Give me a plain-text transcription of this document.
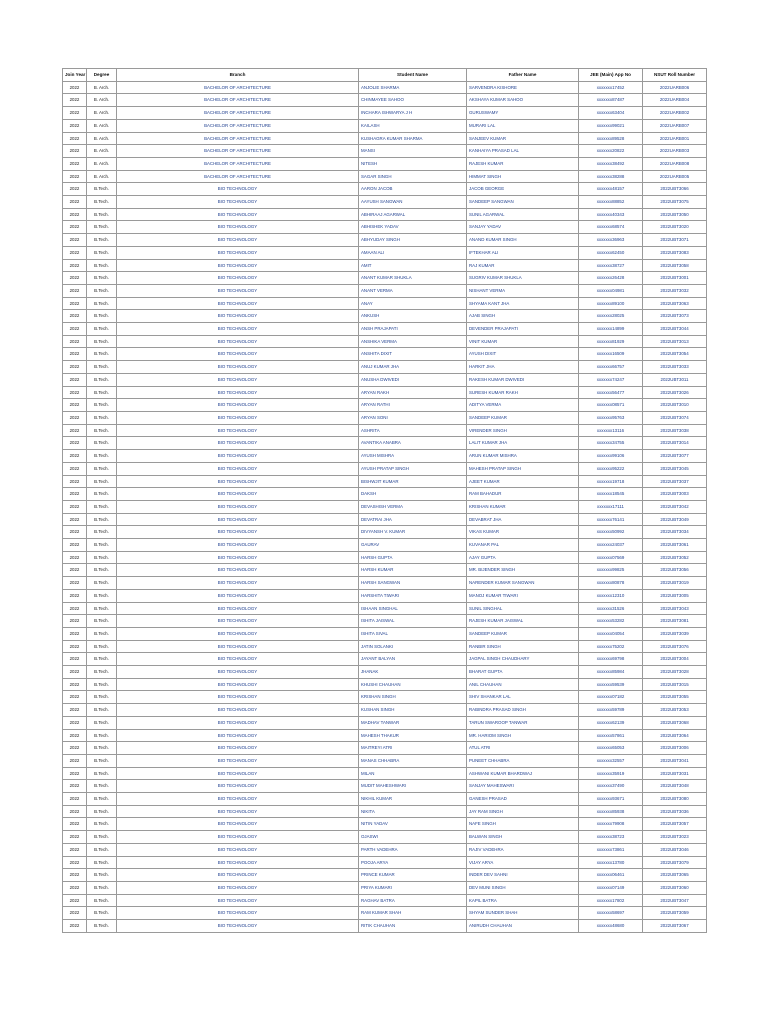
Join Year	Degree	Branch	Student Name	Father Name	JEE (Main) App No	NSUT Roll Number
2022	B. Arch.	BACHELOR OF ARCHITECTURE	ANJOLIE SHARMA	SARVENDRA KISHORE	xxxxxxx17452	2022UARB006
2022	B. Arch.	BACHELOR OF ARCHITECTURE	CHINMAYEE SAHOO	AKSHAYA KUMAR SAHOO	xxxxxxx87487	2022UARB004
2022	B. Arch.	BACHELOR OF ARCHITECTURE	INCHARA ISHWARYA J H	GURUSWAMY	xxxxxxx63404	2022UARB002
2022	B. Arch.	BACHELOR OF ARCHITECTURE	KAILASH	MURARI LAL	xxxxxxx99021	2022UARB007
2022	B. Arch.	BACHELOR OF ARCHITECTURE	KUSHAGRA KUMAR SHARMA	SANJEEV KUMAR	xxxxxxx89528	2022UARB001
2022	B. Arch.	BACHELOR OF ARCHITECTURE	MANSI	KANHAIYA PRASAD LAL	xxxxxxx20822	2022UARB003
2022	B. Arch.	BACHELOR OF ARCHITECTURE	NITESH	RAJESH KUMAR	xxxxxxx38492	2022UARB008
2022	B. Arch.	BACHELOR OF ARCHITECTURE	SAGAR SINGH	HIMMAT SINGH	xxxxxxx38288	2022UARB005
2022	B.Tech.	BIO TECHNOLOGY	AARON JACOB	JACOB GEORGE	xxxxxxx48157	2022UBT3066
2022	B.Tech.	BIO TECHNOLOGY	AAYUSH SANGWAN	SANDEEP SANGWAN	xxxxxxx88852	2022UBT3075
2022	B.Tech.	BIO TECHNOLOGY	ABHIRAAJ AGARWAL	SUNIL AGARWAL	xxxxxxx40343	2022UBT3050
2022	B.Tech.	BIO TECHNOLOGY	ABHISHEK YADAV	SANJAY YADAV	xxxxxxx68574	2022UBT3020
2022	B.Tech.	BIO TECHNOLOGY	ABHYUDAY SINGH	ANAND KUMAR SINGH	xxxxxxx36963	2022UBT3071
2022	B.Tech.	BIO TECHNOLOGY	AMAAN ALI	IFTEKHAR ALI	xxxxxxx62450	2022UBT3083
2022	B.Tech.	BIO TECHNOLOGY	AMIT	RAJ KUMAR	xxxxxxx38727	2022UBT3058
2022	B.Tech.	BIO TECHNOLOGY	ANANT KUMAR SHUKLA	SUGRIV KUMAR SHUKLA	xxxxxxx26428	2022UBT3001
2022	B.Tech.	BIO TECHNOLOGY	ANANT VERMA	NISHANT VERMA	xxxxxxx04981	2022UBT3032
2022	B.Tech.	BIO TECHNOLOGY	ANAY	SHYAMA KANT JHA	xxxxxxx89100	2022UBT3063
2022	B.Tech.	BIO TECHNOLOGY	ANKUSH	AJAB SINGH	xxxxxxx28025	2022UBT3073
2022	B.Tech.	BIO TECHNOLOGY	ANSH PRAJAPATI	DEVENDER PRAJAPATI	xxxxxxx14899	2022UBT3044
2022	B.Tech.	BIO TECHNOLOGY	ANSHIKA VERMA	VINIT KUMAR	xxxxxxx81929	2022UBT3013
2022	B.Tech.	BIO TECHNOLOGY	ANSHITA DIXIT	AYUSH DIXIT	xxxxxxx16509	2022UBT3054
2022	B.Tech.	BIO TECHNOLOGY	ANUJ KUMAR JHA	HARKIT JHA	xxxxxxx66757	2022UBT3033
2022	B.Tech.	BIO TECHNOLOGY	ANUSHA DWIVEDI	RAKESH KUMAR DWIVEDI	xxxxxxx74247	2022UBT3011
2022	B.Tech.	BIO TECHNOLOGY	ARYAN RAKH	SURESH KUMAR RAKH	xxxxxxx56477	2022UBT3026
2022	B.Tech.	BIO TECHNOLOGY	ARYAN RATHI	ADITYA VERMA	xxxxxxx08571	2022UBT3010
2022	B.Tech.	BIO TECHNOLOGY	ARYAN SONI	SANDEEP KUMAR	xxxxxxx95763	2022UBT3074
2022	B.Tech.	BIO TECHNOLOGY	ASHRITA	VIRENDER SINGH	xxxxxxx13116	2022UBT3038
2022	B.Tech.	BIO TECHNOLOGY	AVANTIKA ANABRA	LALIT KUMAR JHA	xxxxxxx34755	2022UBT3014
2022	B.Tech.	BIO TECHNOLOGY	AYUSH MISHRA	ARUN KUMAR MISHRA	xxxxxxx99106	2022UBT3077
2022	B.Tech.	BIO TECHNOLOGY	AYUSH PRATAP SINGH	MAHESH PRATAP SINGH	xxxxxxx95222	2022UBT3045
2022	B.Tech.	BIO TECHNOLOGY	BISHWJIT KUMAR	AJEET KUMAR	xxxxxxx19718	2022UBT3037
2022	B.Tech.	BIO TECHNOLOGY	DAKSH	RAM BAHADUR	xxxxxxx18545	2022UBT3003
2022	B.Tech.	BIO TECHNOLOGY	DEVASHISH VERMA	KRISHAN KUMAR	xxxxxxx17111	2022UBT3042
2022	B.Tech.	BIO TECHNOLOGY	DEVATRAI JHA	DEVABRAT JHA	xxxxxxx76141	2022UBT3049
2022	B.Tech.	BIO TECHNOLOGY	DIVYANSH V. KUMAR	VIKAS KUMAR	xxxxxxx50992	2022UBT3034
2022	B.Tech.	BIO TECHNOLOGY	GAURAV	KUVANAR PAL	xxxxxxx24037	2022UBT3061
2022	B.Tech.	BIO TECHNOLOGY	HARSH GUPTA	AJAY GUPTA	xxxxxxx07569	2022UBT3052
2022	B.Tech.	BIO TECHNOLOGY	HARSH KUMAR	MR. BIJENDER SINGH	xxxxxxx99825	2022UBT3056
2022	B.Tech.	BIO TECHNOLOGY	HARSH SANGWAN	NARENDER KUMAR SANGWAN	xxxxxxx80878	2022UBT3019
2022	B.Tech.	BIO TECHNOLOGY	HARSHITA TIWARI	MANOJ KUMAR TIWARI	xxxxxxx12310	2022UBT3005
2022	B.Tech.	BIO TECHNOLOGY	ISHAAN SINGHAL	SUNIL SINGHAL	xxxxxxx31526	2022UBT3043
2022	B.Tech.	BIO TECHNOLOGY	ISHITA JAISWAL	RAJESH KUMAR JAISWAL	xxxxxxx53282	2022UBT3081
2022	B.Tech.	BIO TECHNOLOGY	ISHITA SIVAL	SANDEEP KUMAR	xxxxxxx04054	2022UBT3039
2022	B.Tech.	BIO TECHNOLOGY	JATIN SOLANKI	RANBIR SINGH	xxxxxxx75202	2022UBT3076
2022	B.Tech.	BIO TECHNOLOGY	JAYANT BALYAN	JAGPAL SINGH CHAUDHARY	xxxxxxx69798	2022UBT3004
2022	B.Tech.	BIO TECHNOLOGY	JHANAK	BHARAT GUPTA	xxxxxxx85984	2022UBT3028
2022	B.Tech.	BIO TECHNOLOGY	KHUSHI CHAUHAN	ANIL CHAUHAN	xxxxxxx59539	2022UBT3015
2022	B.Tech.	BIO TECHNOLOGY	KRISHAN SINGH	SHIV SHANKAR LAL	xxxxxxx07182	2022UBT3055
2022	B.Tech.	BIO TECHNOLOGY	KUSHAN SINGH	RABINDRA PRASAD SINGH	xxxxxxx59789	2022UBT3053
2022	B.Tech.	BIO TECHNOLOGY	MADHAV TANWAR	TARUN SWAROOP TANWAR	xxxxxxx62139	2022UBT3068
2022	B.Tech.	BIO TECHNOLOGY	MAHESH THAKUR	MR. HARIOM SINGH	xxxxxxx57861	2022UBT3064
2022	B.Tech.	BIO TECHNOLOGY	MAITREYI ATRI	ATUL ATRI	xxxxxxx65053	2022UBT3006
2022	B.Tech.	BIO TECHNOLOGY	MANAS CHHABRA	PUNEET CHHABRA	xxxxxxx32557	2022UBT3041
2022	B.Tech.	BIO TECHNOLOGY	MILAN	ASHWANI KUMAR BHARDWAJ	xxxxxxx35919	2022UBT3031
2022	B.Tech.	BIO TECHNOLOGY	MUDIT MAHESHWARI	SANJAY MAHESWARI	xxxxxxx37490	2022UBT3048
2022	B.Tech.	BIO TECHNOLOGY	NIKHIL KUMAR	GANESH PRASAD	xxxxxxx93671	2022UBT3080
2022	B.Tech.	BIO TECHNOLOGY	NIKITA	JAY RAM SINGH	xxxxxxx85938	2022UBT3036
2022	B.Tech.	BIO TECHNOLOGY	NITIN YADAV	NAFE SINGH	xxxxxxx79908	2022UBT3057
2022	B.Tech.	BIO TECHNOLOGY	OJASWI	BALWAN SINGH	xxxxxxx38723	2022UBT3023
2022	B.Tech.	BIO TECHNOLOGY	PARTH VADEHRA	RAJIV VADEHRA	xxxxxxx73861	2022UBT3046
2022	B.Tech.	BIO TECHNOLOGY	POOJA ARYA	VIJAY ARYA	xxxxxxx13780	2022UBT3079
2022	B.Tech.	BIO TECHNOLOGY	PRINCE KUMAR	INDER DEV SAHNI	xxxxxxx06461	2022UBT3065
2022	B.Tech.	BIO TECHNOLOGY	PRIYA KUMARI	DEV MUNI SINGH	xxxxxxx07149	2022UBT3060
2022	B.Tech.	BIO TECHNOLOGY	RAGHAV BATRA	KAPIL BATRA	xxxxxxx17802	2022UBT3047
2022	B.Tech.	BIO TECHNOLOGY	RAM KUMAR SHAH	SHYAM SUNDER SHAH	xxxxxxx58697	2022UBT3059
2022	B.Tech.	BIO TECHNOLOGY	RITIK CHAUHAN	ANIRUDH CHAUHAN	xxxxxxx48680	2022UBT3067
